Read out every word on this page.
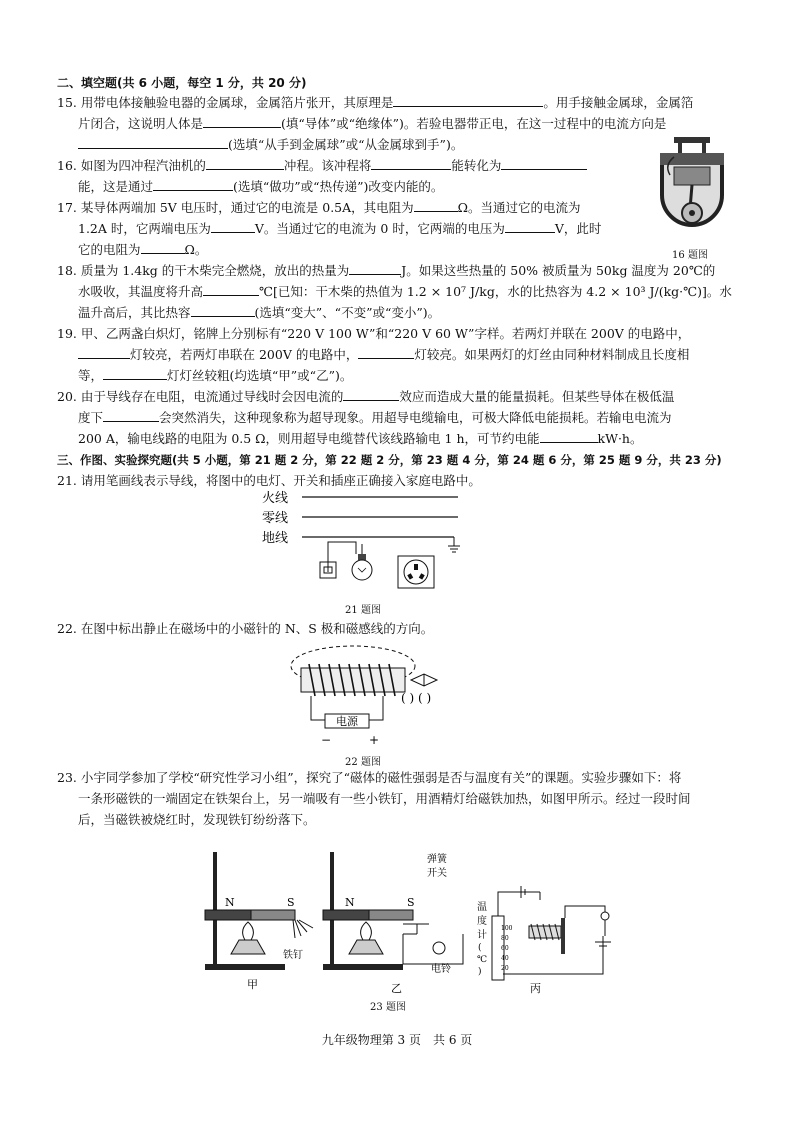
二、填空题(共 6 小题，每空 1 分，共 20 分)
15. 用带电体接触验电器的金属球，金属箔片张开，其原理是	。用手接触金属球，金属箔
片闭合，这说明人体是	(填“导体”或“绝缘体”)。若验电器带正电，在这一过程中的电流方向是
(选填“从手到金属球”或“从金属球到手”)。
16. 如图为四冲程汽油机的	冲程。该冲程将	能转化为
能，这是通过	(选填“做功”或“热传递”)改变内能的。
16 题图
17. 某导体两端加 5V 电压时，通过它的电流是 0.5A，其电阻为	Ω。当通过它的电流为
1.2A 时，它两端电压为	V。当通过它的电流为 0 时，它两端的电压为	V，此时
它的电阻为	Ω。
18. 质量为 1.4kg 的干木柴完全燃烧，放出的热量为	J。如果这些热量的 50% 被质量为 50kg 温度为 20℃的
水吸收，其温度将升高	℃[已知：干木柴的热值为 1.2 × 10⁷ J/kg，水的比热容为 4.2 × 10³ J/(kg·℃)]。水
温升高后，其比热容	(选填“变大”、“不变”或“变小”)。
19. 甲、乙两盏白炽灯，铭牌上分别标有“220 V 100 W”和“220 V 60 W”字样。若两灯并联在 200V 的电路中，
灯较亮，若两灯串联在 200V 的电路中，	灯较亮。如果两灯的灯丝由同种材料制成且长度相
等，	灯灯丝较粗(均选填“甲”或“乙”)。
20. 由于导线存在电阻，电流通过导线时会因电流的	效应而造成大量的能量损耗。但某些导体在极低温
度下	会突然消失，这种现象称为超导现象。用超导电缆输电，可极大降低电能损耗。若输电电流为
200 A，输电线路的电阻为 0.5 Ω，则用超导电缆替代该线路输电 1 h，可节约电能	kW·h。
三、作图、实验探究题(共 5 小题，第 21 题 2 分，第 22 题 2 分，第 23 题 4 分，第 24 题 6 分，第 25 题 9 分，共 23 分)
21. 请用笔画线表示导线，将图中的电灯、开关和插座正确接入家庭电路中。
火线
零线
地线
21 题图
22. 在图中标出静止在磁场中的小磁针的 N、S 极和磁感线的方向。
电源
−	+
( ) ( )
22 题图
23. 小宇同学参加了学校“研究性学习小组”，探究了“磁体的磁性强弱是否与温度有关”的课题。实验步骤如下：将
一条形磁铁的一端固定在铁架台上，另一端吸有一些小铁钉，用酒精灯给磁铁加热，如图甲所示。经过一段时间
后，当磁铁被烧红时，发现铁钉纷纷落下。
N	S
铁钉
甲
N	S
弹簧
开关
电铃
乙
温
度
计
(
℃
)
100
80
60
40
20
丙
23 题图
九年级物理第 3 页　共 6 页
